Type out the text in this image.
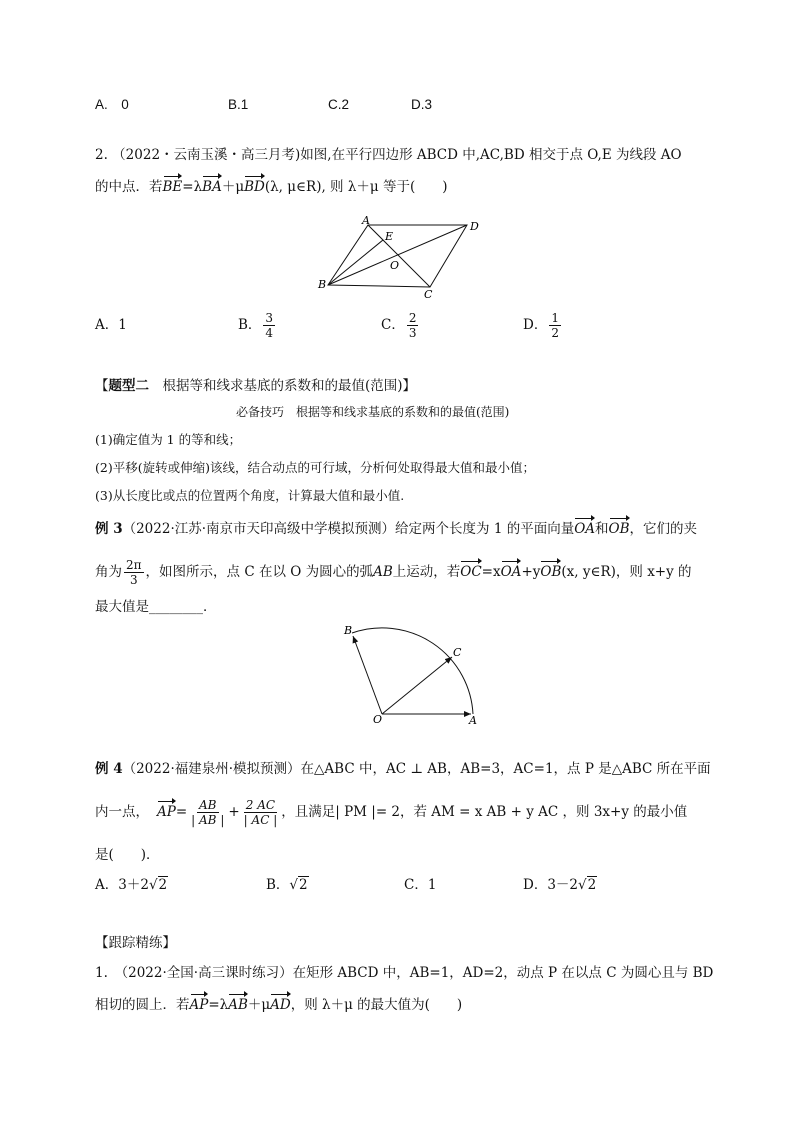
A.　0	B.1	C.2	D.3
2. （2022・云南玉溪・高三月考)如图,在平行四边形 ABCD 中,AC,BD 相交于点 O,E 为线段 AO
的中点．若BE=λBA＋μBD(λ, μ∈R), 则 λ＋μ 等于(　　)
A
B
C
D
E
O
A．1	B． $\frac{3}{4}$	C． $\frac{2}{3}$	D． $\frac{1}{2}$
【题型二　根据等和线求基底的系数和的最值(范围)】
必备技巧　根据等和线求基底的系数和的最值(范围)
(1)确定值为 1 的等和线；
(2)平移(旋转或伸缩)该线，结合动点的可行域，分析何处取得最大值和最小值；
(3)从长度比或点的位置两个角度，计算最大值和最小值.
例 3（2022·江苏·南京市天印高级中学模拟预测）给定两个长度为 1 的平面向量OA和OB，它们的夹
角为 $\frac{2\pi}{3}$ ，如图所示，点 C 在以 O 为圆心的弧 AB 上运动，若 OC =x OA +y OB (x, y∈R)，则 x+y 的
最大值是________．
B
C
O	A
例 4（2022·福建泉州·模拟预测）在△ABC 中，AC ⊥ AB，AB=3，AC=1，点 P 是△ABC 所在平面
内一点， AP = $\frac{AB}{| AB |} + \frac{2 AC}{| AC |}$ ，且满足| PM |= 2，若 AM = x AB + y AC ，则 3x+y 的最小值
是(　　)．
A．3＋2√2	B．√2	C．1	D．3－2√2
【跟踪精练】
1.　（2022·全国·高三课时练习）在矩形 ABCD 中，AB=1，AD=2，动点 P 在以点 C 为圆心且与 BD
相切的圆上．若AP=λAB＋μAD，则 λ＋μ 的最大值为(　　)
